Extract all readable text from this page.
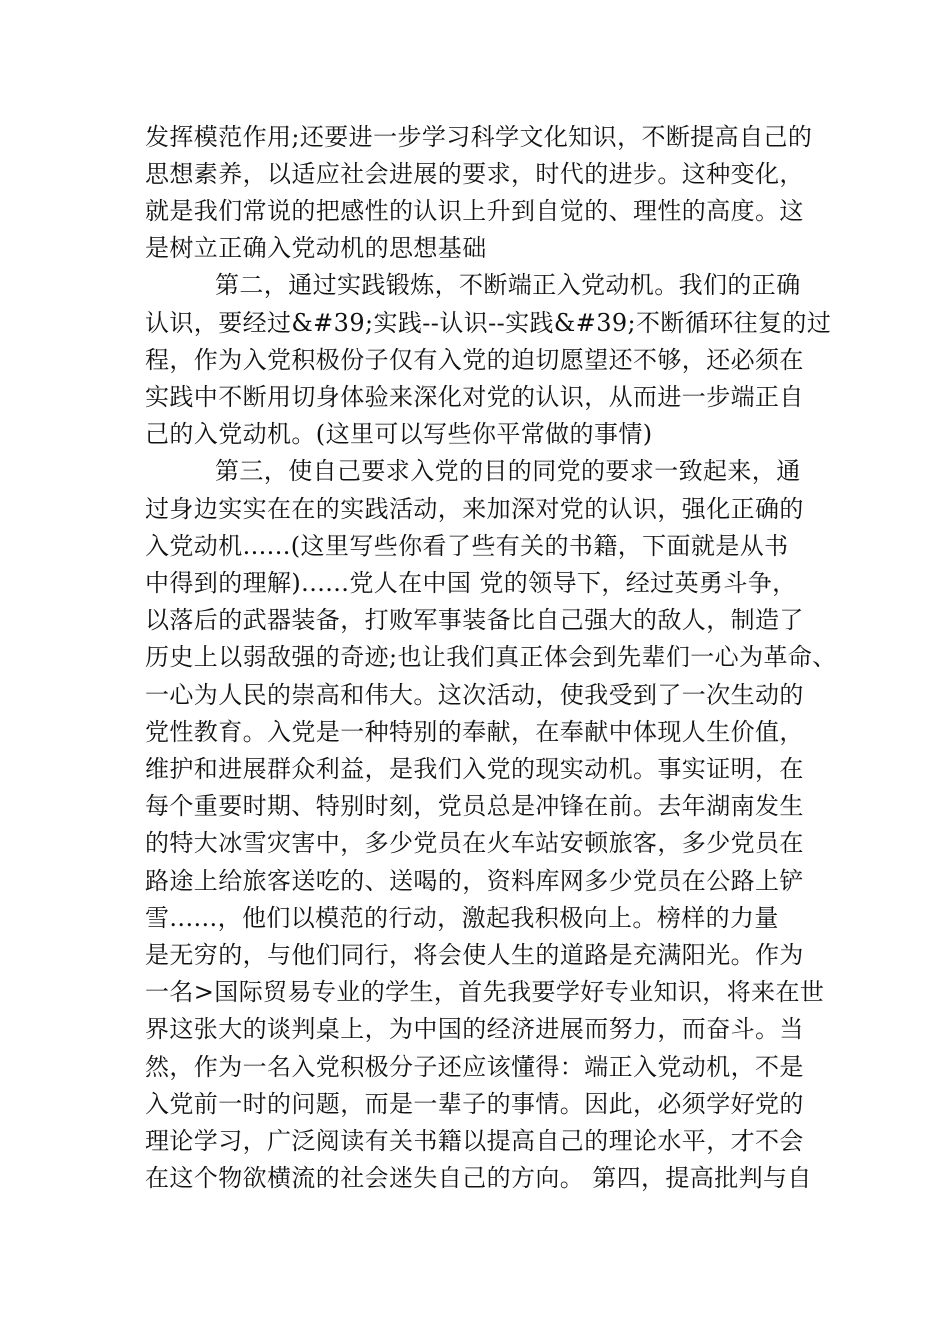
发挥模范作用;还要进一步学习科学文化知识，不断提高自己的
思想素养，以适应社会进展的要求，时代的进步。这种变化，
就是我们常说的把感性的认识上升到自觉的、理性的高度。这
是树立正确入党动机的思想基础
第二，通过实践锻炼，不断端正入党动机。我们的正确
认识，要经过&#39;实践--认识--实践&#39;不断循环往复的过
程，作为入党积极份子仅有入党的迫切愿望还不够，还必须在
实践中不断用切身体验来深化对党的认识，从而进一步端正自
己的入党动机。(这里可以写些你平常做的事情)
第三，使自己要求入党的目的同党的要求一致起来，通
过身边实实在在的实践活动，来加深对党的认识，强化正确的
入党动机......(这里写些你看了些有关的书籍，下面就是从书
中得到的理解)......党人在中国 党的领导下，经过英勇斗争，
以落后的武器装备，打败军事装备比自己强大的敌人，制造了
历史上以弱敌强的奇迹;也让我们真正体会到先辈们一心为革命、
一心为人民的崇高和伟大。这次活动，使我受到了一次生动的
党性教育。入党是一种特别的奉献，在奉献中体现人生价值，
维护和进展群众利益，是我们入党的现实动机。事实证明，在
每个重要时期、特别时刻，党员总是冲锋在前。去年湖南发生
的特大冰雪灾害中，多少党员在火车站安顿旅客，多少党员在
路途上给旅客送吃的、送喝的，资料库网多少党员在公路上铲
雪......，他们以模范的行动，激起我积极向上。榜样的力量
是无穷的，与他们同行，将会使人生的道路是充满阳光。作为
一名>国际贸易专业的学生，首先我要学好专业知识，将来在世
界这张大的谈判桌上，为中国的经济进展而努力，而奋斗。当
然，作为一名入党积极分子还应该懂得：端正入党动机，不是
入党前一时的问题，而是一辈子的事情。因此，必须学好党的
理论学习，广泛阅读有关书籍以提高自己的理论水平，才不会
在这个物欲横流的社会迷失自己的方向。 第四，提高批判与自
